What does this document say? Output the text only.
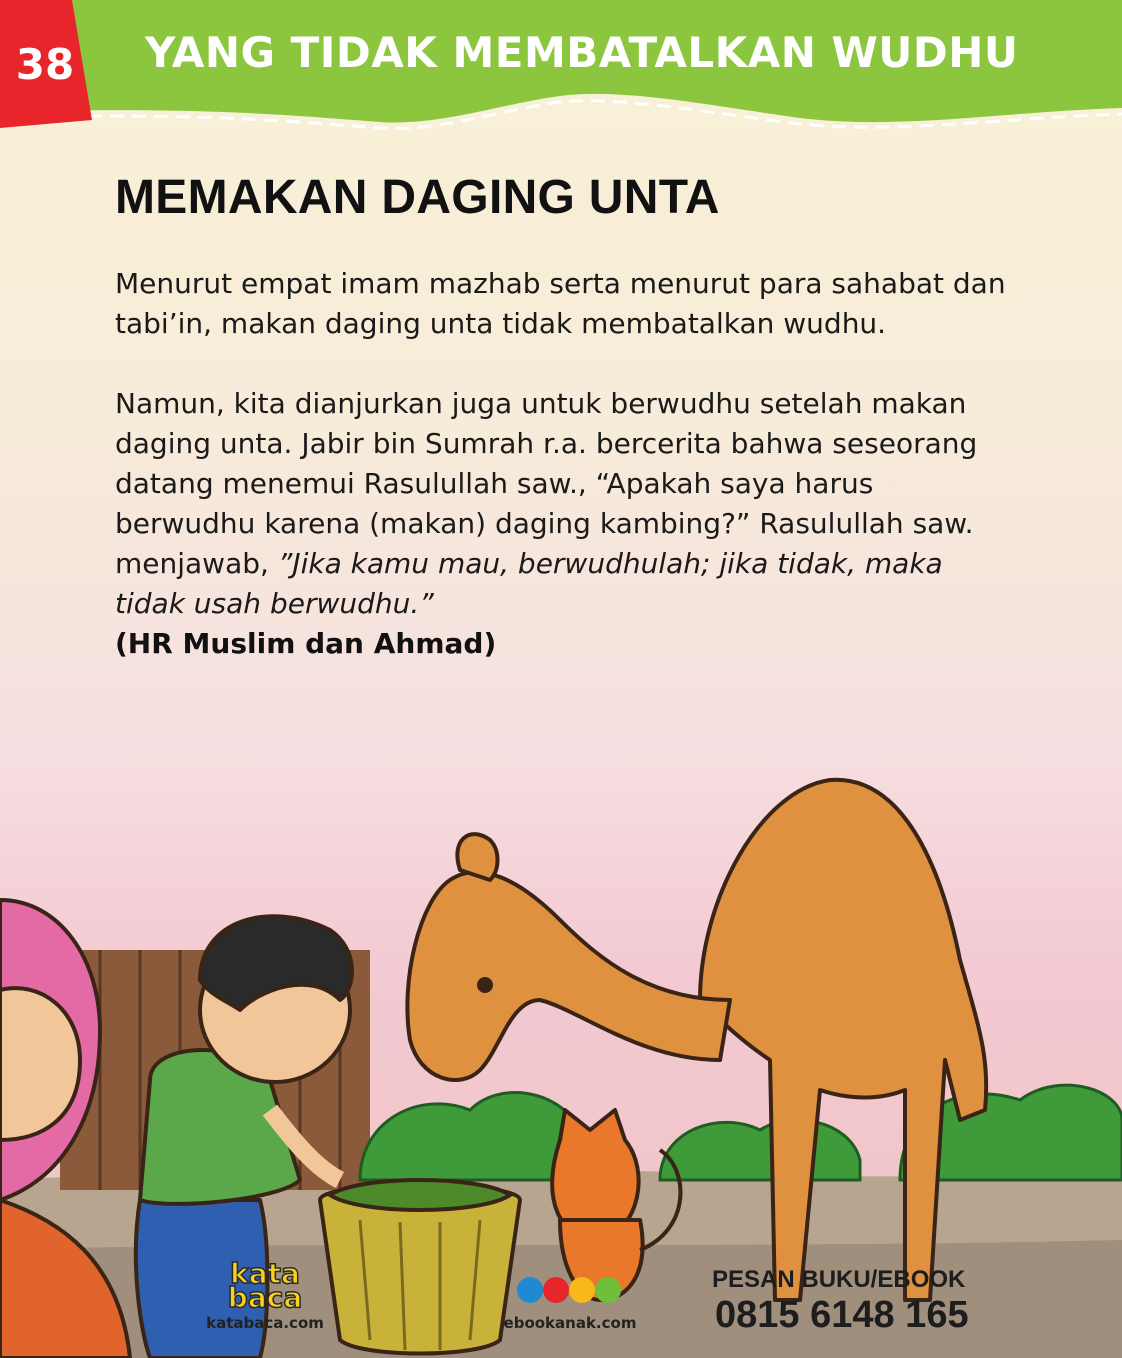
38 YANG TIDAK MEMBATALKAN WUDHU
MEMAKAN DAGING UNTA
Menurut empat imam mazhab serta menurut para sahabat dan tabi’in, makan daging unta tidak membatalkan wudhu.
Namun, kita dianjurkan juga untuk berwudhu setelah makan daging unta. Jabir bin Sumrah r.a. bercerita bahwa seseorang datang menemui Rasulullah saw., “Apakah saya harus berwudhu karena (makan) daging kambing?” Rasulullah saw. menjawab, ”Jika kamu mau, berwudhulah; jika tidak, maka tidak usah berwudhu.”
(HR Muslim dan Ahmad)
kata
baca
katabaca.com	ebookanak.com
PESAN BUKU/EBOOK
0815 6148 165
